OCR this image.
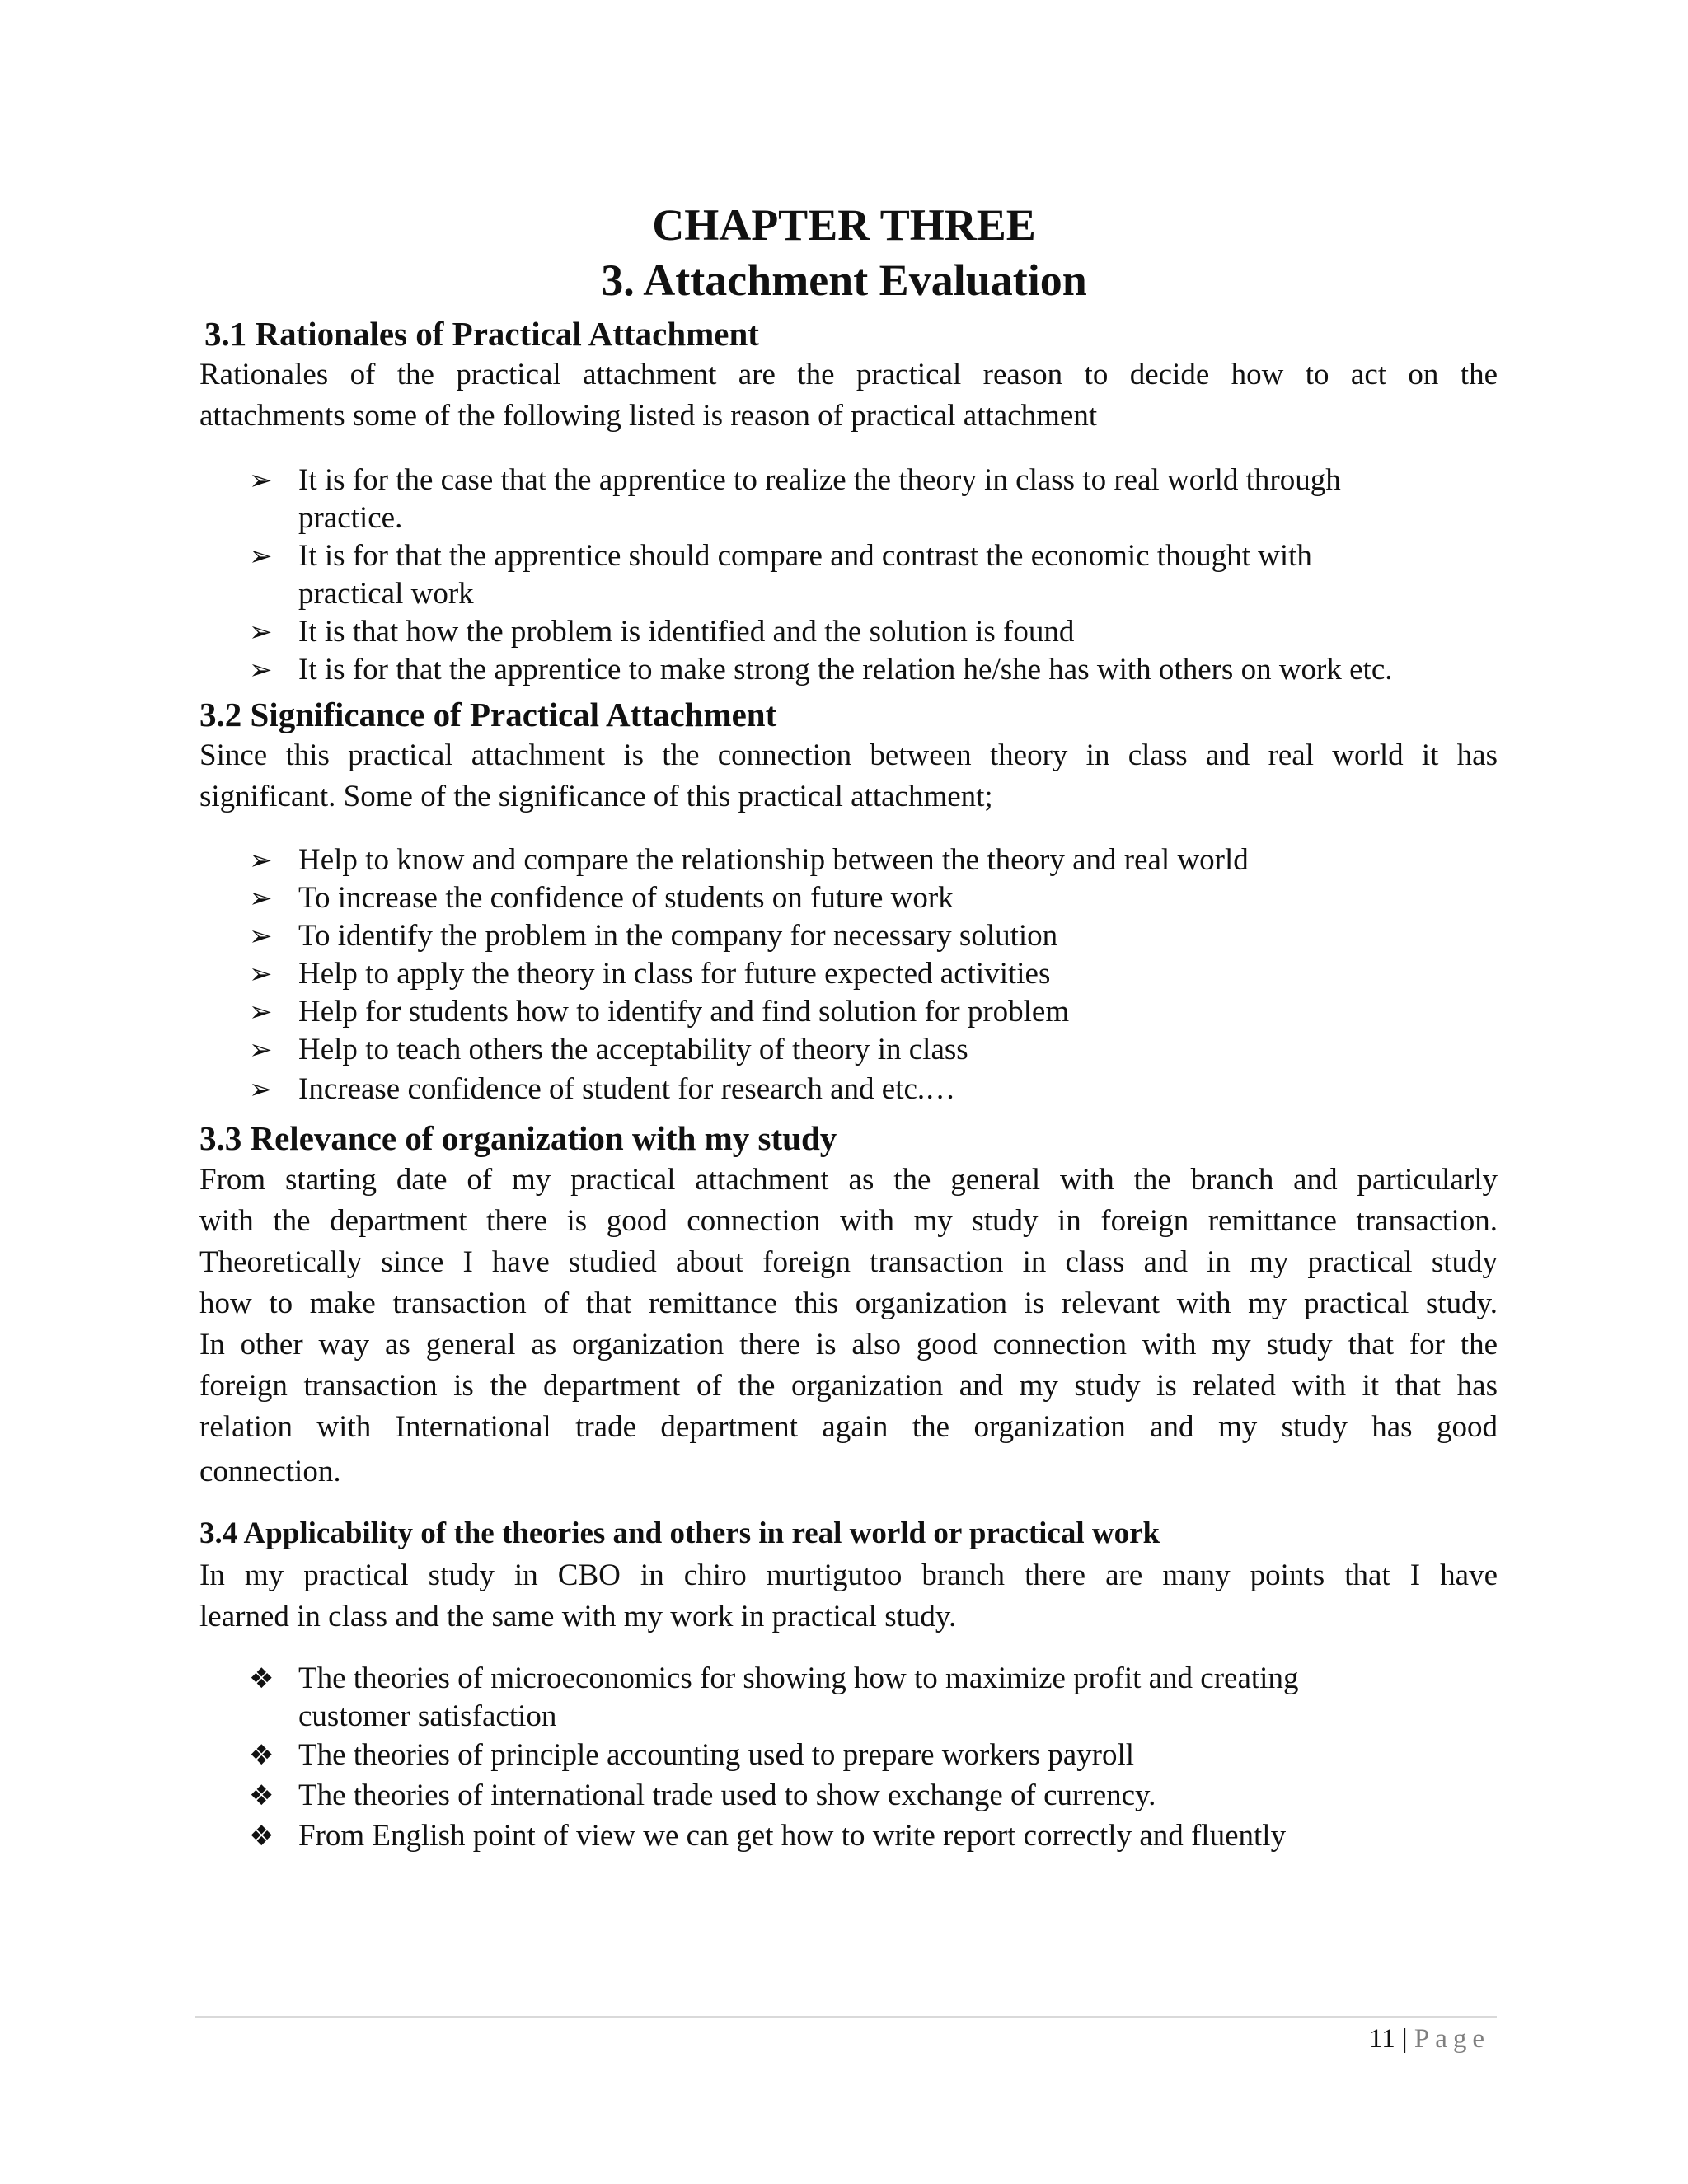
CHAPTER THREE
3. Attachment Evaluation
3.1 Rationales of Practical Attachment

Rationales of the practical attachment are the practical reason to decide how to act on the
attachments some of the following listed is reason of practical attachment

➢ It is for the case that the apprentice to realize the theory in class to real world through
practice.
➢ It is for that the apprentice should compare and contrast the economic thought with
practical work
➢ It is that how the problem is identified and the solution is found
➢ It is for that the apprentice to make strong the relation he/she has with others on work etc.
3.2 Significance of Practical Attachment

Since this practical attachment is the connection between theory in class and real world it has
significant. Some of the significance of this practical attachment;

➢ Help to know and compare the relationship between the theory and real world
➢ To increase the confidence of students on future work
➢ To identify the problem in the company for necessary solution
➢ Help to apply the theory in class for future expected activities
➢ Help for students how to identify and find solution for problem
➢ Help to teach others the acceptability of theory in class
➢ Increase confidence of student for research and etc.…
3.3 Relevance of organization with my study

From starting date of my practical attachment as the general with the branch and particularly
with the department there is good connection with my study in foreign remittance transaction.
Theoretically since I have studied about foreign transaction in class and in my practical study
how to make transaction of that remittance this organization is relevant with my practical study.
In other way as general as organization there is also good connection with my study that for the
foreign transaction is the department of the organization and my study is related with it that has
relation with International trade department again the organization and my study has good
connection.

3.4 Applicability of the theories and others in real world or practical work

In my practical study in CBO in chiro murtigutoo branch there are many points that I have
learned in class and the same with my work in practical study.

❖ The theories of microeconomics for showing how to maximize profit and creating
customer satisfaction
❖ The theories of principle accounting used to prepare workers payroll
❖ The theories of international trade used to show exchange of currency.
❖ From English point of view we can get how to write report correctly and fluently
11 | Page
